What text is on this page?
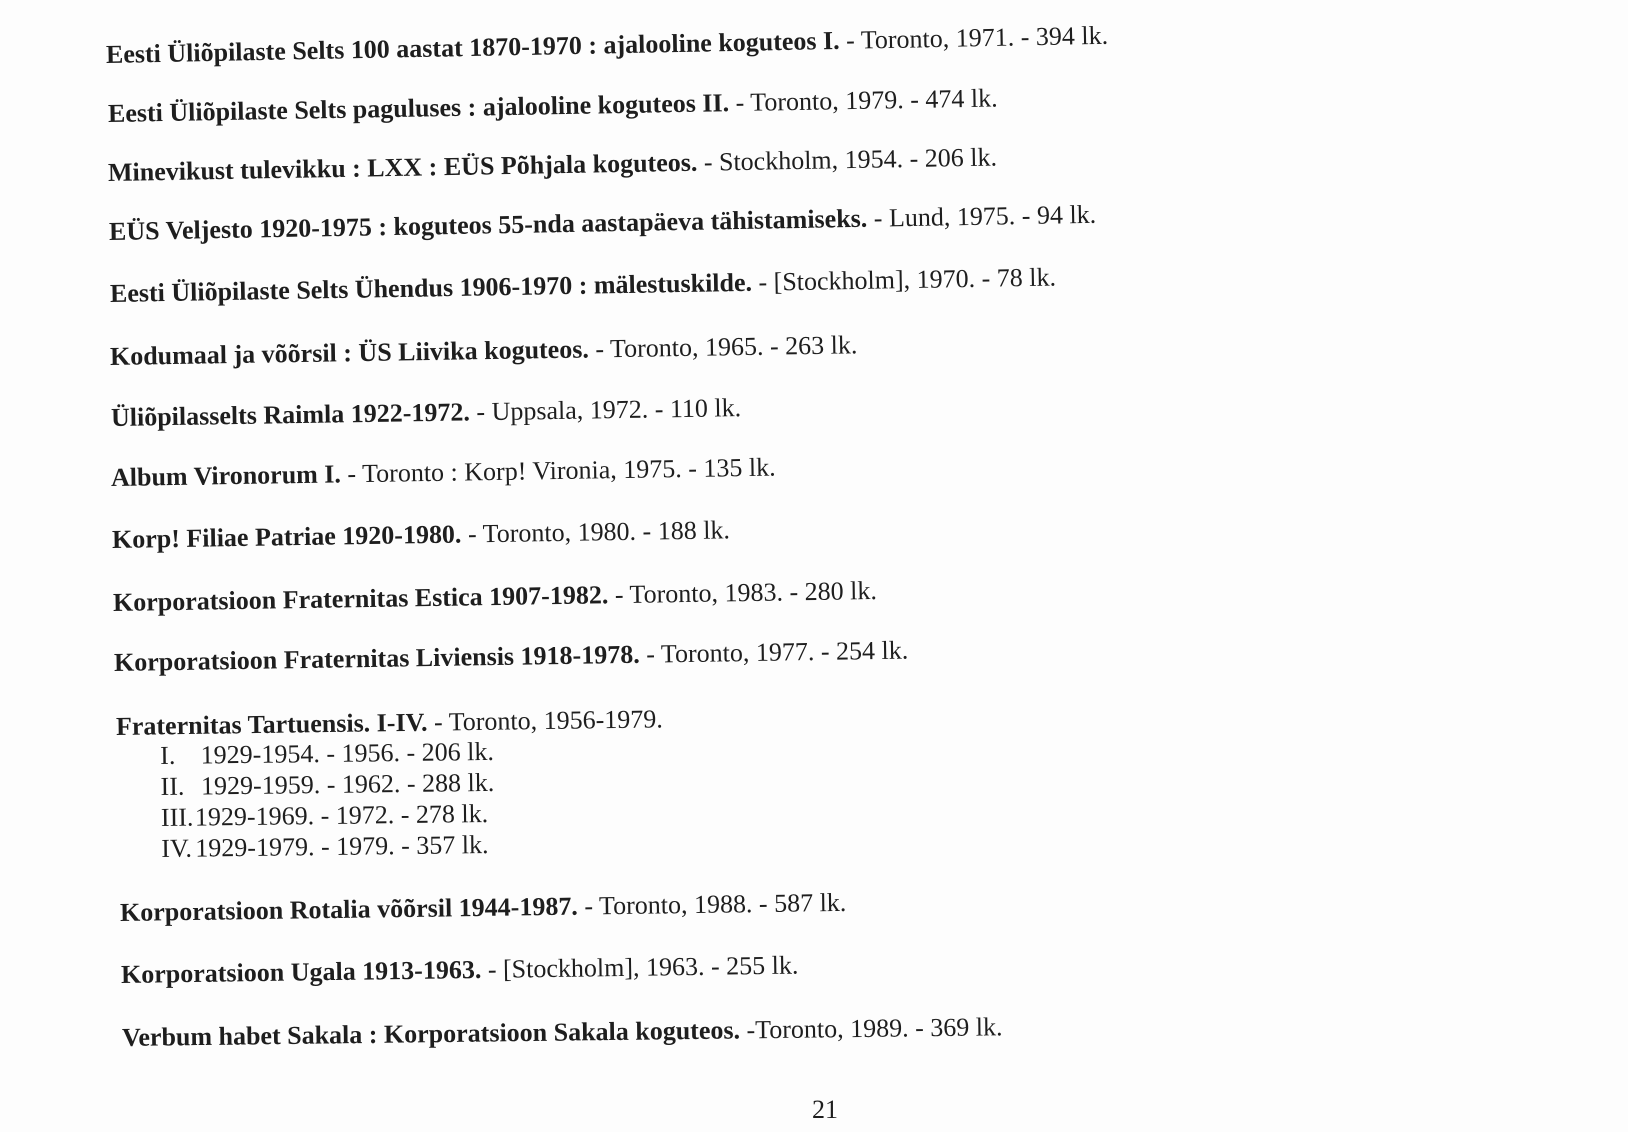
Eesti Üliõpilaste Selts 100 aastat 1870-1970 : ajalooline koguteos I. - Toronto, 1971. - 394 lk.
Eesti Üliõpilaste Selts paguluses : ajalooline koguteos II. - Toronto, 1979. - 474 lk.
Minevikust tulevikku : LXX : EÜS Põhjala koguteos. - Stockholm, 1954. - 206 lk.
EÜS Veljesto 1920-1975 : koguteos 55-nda aastapäeva tähistamiseks. - Lund, 1975. - 94 lk.
Eesti Üliõpilaste Selts Ühendus 1906-1970 : mälestuskilde. - [Stockholm], 1970. - 78 lk.
Kodumaal ja võõrsil : ÜS Liivika koguteos. - Toronto, 1965. - 263 lk.
Üliõpilasselts Raimla 1922-1972. - Uppsala, 1972. - 110 lk.
Album Vironorum I. - Toronto : Korp! Vironia, 1975. - 135 lk.
Korp! Filiae Patriae 1920-1980. - Toronto, 1980. - 188 lk.
Korporatsioon Fraternitas Estica 1907-1982. - Toronto, 1983. - 280 lk.
Korporatsioon Fraternitas Liviensis 1918-1978. - Toronto, 1977. - 254 lk.
Fraternitas Tartuensis. I-IV. - Toronto, 1956-1979.
I. 1929-1954. - 1956. - 206 lk.
II. 1929-1959. - 1962. - 288 lk.
III.1929-1969. - 1972. - 278 lk.
IV. 1929-1979. - 1979. - 357 lk.
Korporatsioon Rotalia võõrsil 1944-1987. - Toronto, 1988. - 587 lk.
Korporatsioon Ugala 1913-1963. - [Stockholm], 1963. - 255 lk.
Verbum habet Sakala : Korporatsioon Sakala koguteos. -Toronto, 1989. - 369 lk.
21
